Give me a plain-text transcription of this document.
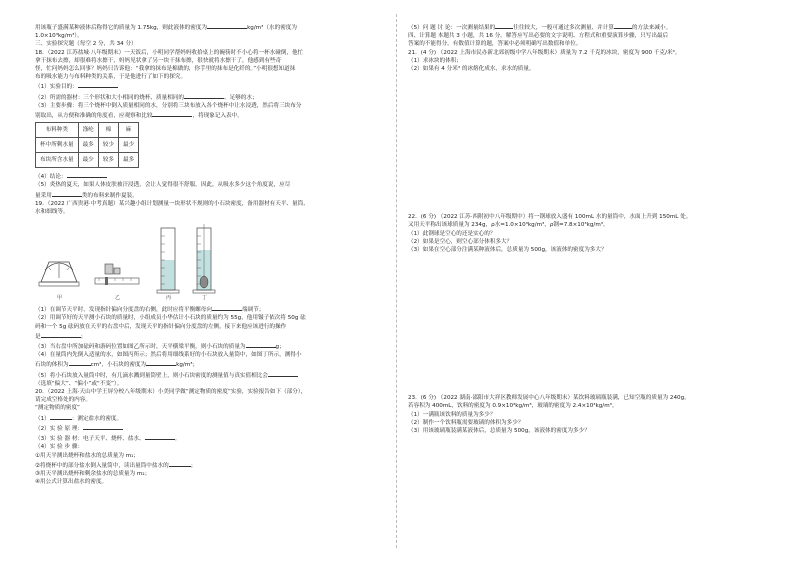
用该瓶子盛满某种液体后称得它的质量为 1.75kg，则此液体的密度为	kg/m³（水的密度为

1.0×10³kg/m³）。

三、实验探究题（每空 2 分，共 34 分）

18．（2022 江苏盐城·八年级期末）一天饭后，小明同学帮妈妈收拾桌上的碗筷时不小心将一杯水碰倒，他忙

拿干抹布去擦，却很难将水擦干，妈妈见状拿了另一块干抹布擦，很快就将水擦干了，他感到有些奇

怪，忙问妈妈怎么回事？妈妈只告诉他：“我拿的抹布是棉做的，你手里的抹布是化纤的。”小明很想知道抹

布的吸水能力与布料种类的关系，于是他进行了如下的探究。

（1）实验目的：

（2）所需的器材：三个形状和大小相同的烧杯、质量相同的	、足够的水；

（3）主要步骤：将三个烧杯中倒入质量相同的水，分别将三块布放入各个烧杯中让水浸透，然后将三块布分

别取出，从方便和准确的角度看，应观察和比较	，将现象记入表中。

布料种类	涤纶	棉	麻
杯中所剩水量	最多	较少	最少
布块所含水量	最少	较多	最多

（4）结论：

（5）炎热的夏天，如果人体皮肤被汗浸透，会让人觉得很不舒服，因此，从吸水多少这个角度说，应尽

量采用	类的布料来制作夏装。

19．（2022 广西贵港·中考真题）某兴趣小组计划测量一块形状不规则的小石块密度，备用器材有天平、量筒、

水和细线等。

甲	乙	丙	丁

（1）在调节天平时，发现指针偏向分度盘的右侧，此时应将平衡螺母向	端调节；

（2）用调节好的天平测小石块的质量时，小组成员小华估计小石块的质量约为 55g，他用镊子依次将 50g 砝

码和一个 5g 砝码放在天平的右盘中后，发现天平的指针偏向分度盘的左侧，接下来他应该进行的操作

是	；

（3）当右盘中所加砝码和游码位置如图乙所示时，天平横梁平衡，则小石块的质量为	g；

（4）在量筒内先倒入适量的水，如图丙所示；然后将用细线系好的小石块放入量筒中，如图丁所示，测得小

石块的体积为	cm³，小石块的密度为	kg/m³；

（5）将小石块放入量筒中时，有几滴水溅到量筒壁上，则小石块密度的测量值与真实值相比会

（选填“偏大”、“偏小”或“不变”）。

20．（2022 上海·天山中学王屏分校八年级期末）小美同学做“测定物质的密度”实验，实验报告如下（部分），

请完成空格处的内容。

“测定物质的密度”

（1）	：测定盐水的密度。

（2）实 验 原 理：

（3）实 验 器 材：电子天平、烧杯、盐水、	。

（4）实 验 步 骤：

①用天平测出烧杯和盐水的总质量为 m₁；

②将烧杯中的部分盐水倒入量筒中，读出量筒中盐水的	；

③用天平测出烧杯和剩余盐水的总质量为 m₂；

④用公式计算出盐水的密度。

（5）问 题 讨 论：一次测量结果的	往往较大，一般可通过多次测量、并计算	的方法来减小。

四、计算题 本题共 3 小题，共 16 分。解答应写出必要的文字说明、方程式和重要演算步骤，只写出最后

答案的不能得分，有数值计算的题，答案中必须明确写出数值和单位。

21．(4 分) （2022 上海市民办新北郊初级中学八年级期末）质量为 7.2 千克的冰块，密度为 900 千克/米³。

（1）求冰块的体积；

（2）如果有 4 分米³ 的冰熔化成水，求水的质量。

22．(6 分) （2022 江苏·西附初中八年级期中）将一钢球放入盛有 100mL 水的量筒中，水面上升到 150mL 处。

又用天平称出该球质量为 234g，ρ水=1.0×10³kg/m³，ρ钢=7.8×10³kg/m³。

（1）此钢球是空心的还是实心的？

（2）如果是空心，则空心部分体积多大？

（3）如果在空心部分注满某种液体后，总质量为 500g，该液体的密度为多大？

23．(6 分) （2022 湖南·邵阳市大祥区教师发展中心八年级期末）某饮料玻璃瓶装满，已知空瓶的质量为 240g，

若容积为 400mL，饮料的密度为 0.9×10³kg/m³，玻璃的密度为 2.4×10³kg/m³。

（1）一满瓶该饮料的质量为多少？

（2）制作一个饮料瓶需要玻璃的体积为多少？

（3）用该玻璃瓶装满某液体后，总质量为 500g，该液体的密度为多少？
